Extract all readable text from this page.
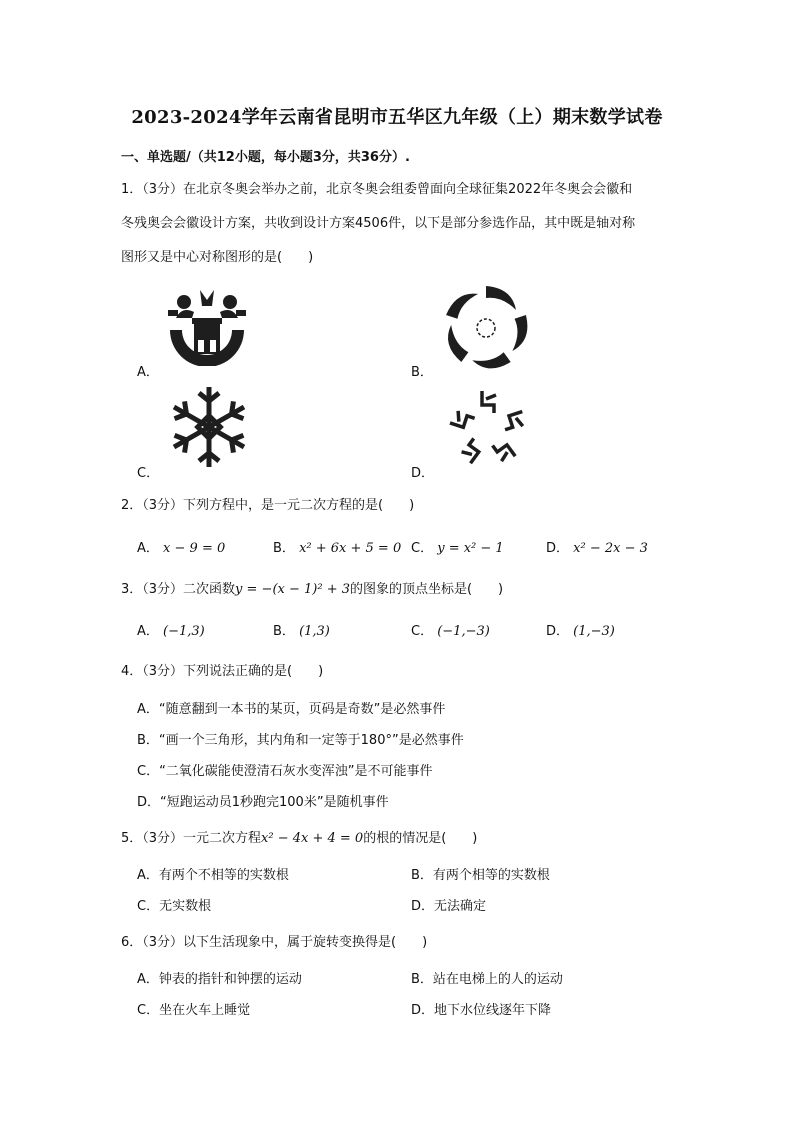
2023-2024学年云南省昆明市五华区九年级（上）期末数学试卷
一、单选题/（共12小题，每小题3分，共36分）.
1．（3分）在北京冬奥会举办之前，北京冬奥会组委曾面向全球征集2022年冬奥会会徽和
冬残奥会会徽设计方案，共收到设计方案4506件，以下是部分参选作品，其中既是轴对称
图形又是中心对称图形的是(　　)
A．	B．
C．	D．
2．（3分）下列方程中，是一元二次方程的是(　　)
A． x − 9 = 0	B． x² + 6x + 5 = 0 C． y = x² − 1	D． x² − 2x − 3
3．（3分）二次函数y = −(x − 1)² + 3的图象的顶点坐标是(　　)
A． (−1,3)	B． (1,3)	C． (−1,−3)	D． (1,−3)
4．（3分）下列说法正确的是(　　)
A．“随意翻到一本书的某页，页码是奇数”是必然事件
B．“画一个三角形，其内角和一定等于180°”是必然事件
C．“二氧化碳能使澄清石灰水变浑浊”是不可能事件
D．“短跑运动员1秒跑完100米”是随机事件
5．（3分）一元二次方程x² − 4x + 4 = 0的根的情况是(　　)
A．有两个不相等的实数根	B．有两个相等的实数根
C．无实数根	D．无法确定
6．（3分）以下生活现象中，属于旋转变换得是(　　)
A．钟表的指针和钟摆的运动	B．站在电梯上的人的运动
C．坐在火车上睡觉	D．地下水位线逐年下降
